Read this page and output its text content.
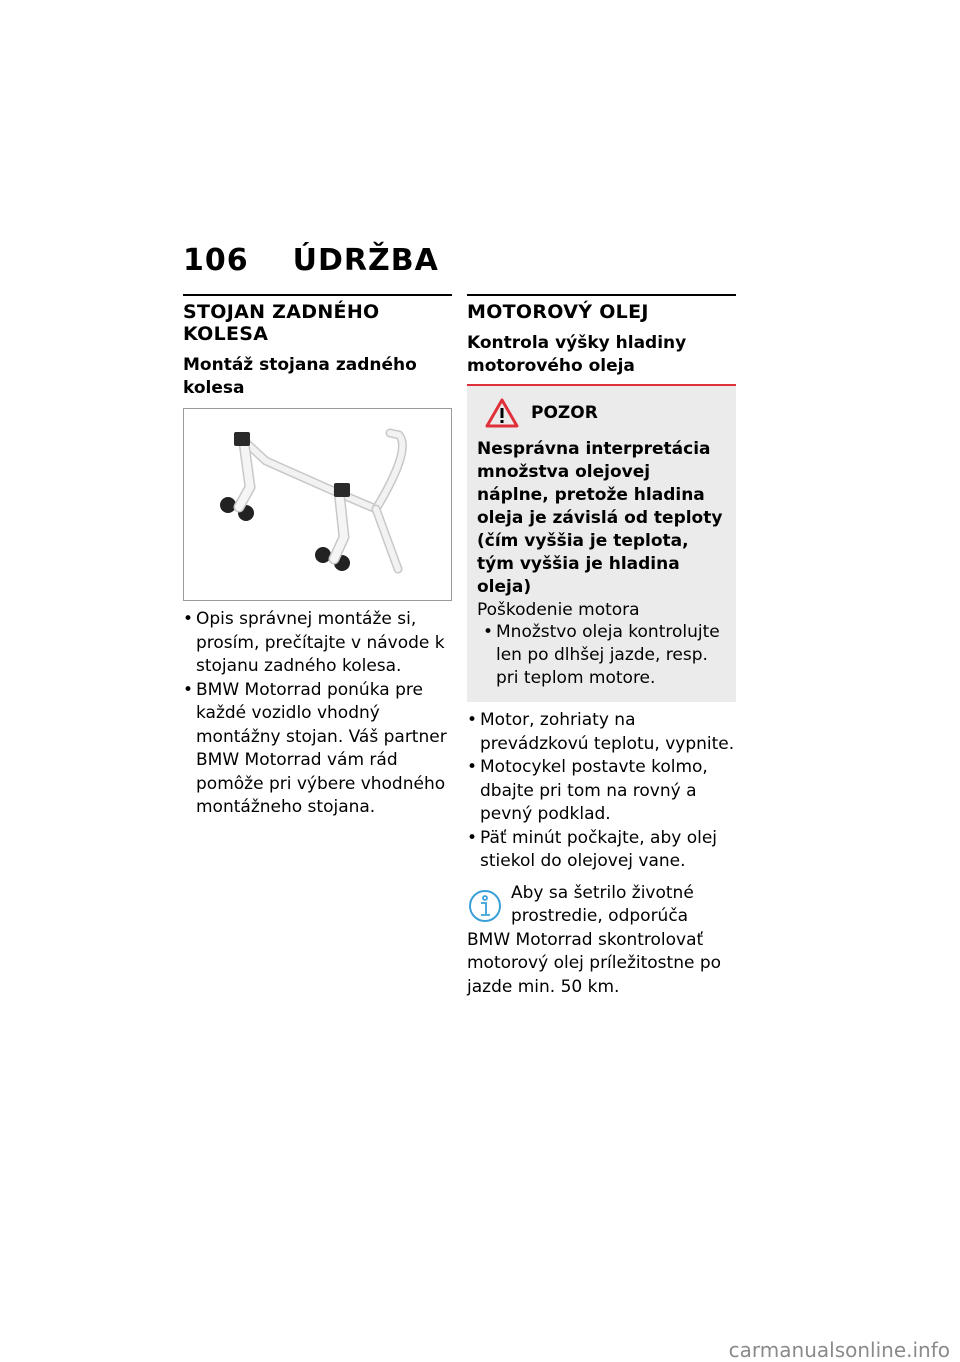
106 ÚDRŽBA
STOJAN ZADNÉHO KOLESA
Montáž stojana zadného kolesa
• Opis správnej montáže si, prosím, prečítajte v návode k stojanu zadného kolesa.
• BMW Motorrad ponúka pre každé vozidlo vhodný montážny stojan. Váš partner BMW Motorrad vám rád pomôže pri výbere vhodného montážneho stojana.
MOTOROVÝ OLEJ
Kontrola výšky hladiny motorového oleja
POZOR
Nesprávna interpretácia množstva olejovej náplne, pretože hladina oleja je závislá od teploty (čím vyššia je teplota, tým vyššia je hladina oleja)
Poškodenie motora
• Množstvo oleja kontrolujte len po dlhšej jazde, resp. pri teplom motore.
• Motor, zohriaty na prevádzkovú teplotu, vypnite.
• Motocykel postavte kolmo, dbajte pri tom na rovný a pevný podklad.
• Päť minút počkajte, aby olej stiekol do olejovej vane.
Aby sa šetrilo životné prostredie, odporúča BMW Motorrad skontrolovať motorový olej príležitostne po jazde min. 50 km.
carmanualsonline.info
